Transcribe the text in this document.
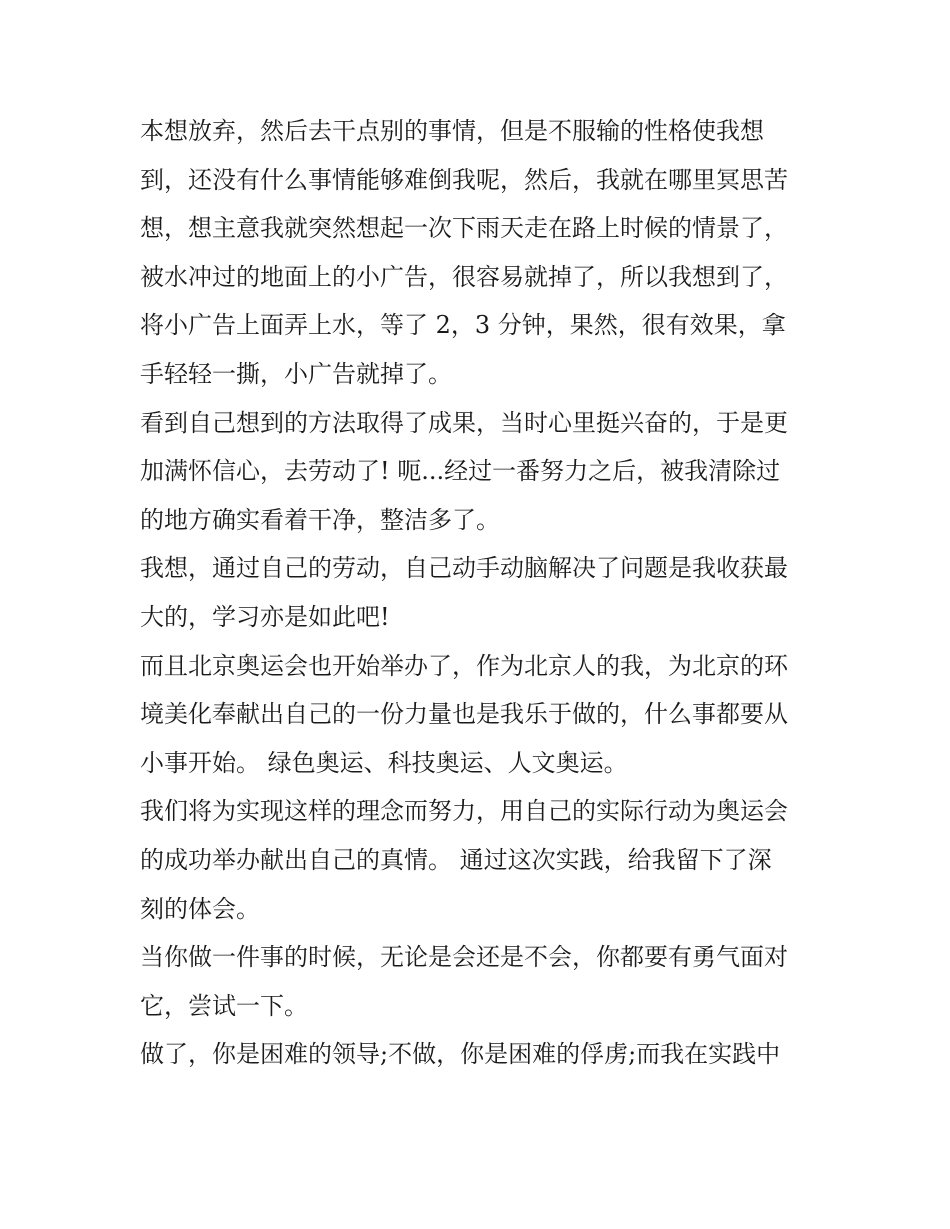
本想放弃，然后去干点别的事情，但是不服输的性格使我想
到，还没有什么事情能够难倒我呢，然后，我就在哪里冥思苦
想，想主意我就突然想起一次下雨天走在路上时候的情景了，
被水冲过的地面上的小广告，很容易就掉了，所以我想到了，
将小广告上面弄上水，等了 2，3 分钟，果然，很有效果，拿
手轻轻一撕，小广告就掉了。
看到自己想到的方法取得了成果，当时心里挺兴奋的，于是更
加满怀信心，去劳动了! 呃...经过一番努力之后，被我清除过
的地方确实看着干净，整洁多了。
我想，通过自己的劳动，自己动手动脑解决了问题是我收获最
大的，学习亦是如此吧!
而且北京奥运会也开始举办了，作为北京人的我，为北京的环
境美化奉献出自己的一份力量也是我乐于做的，什么事都要从
小事开始。 绿色奥运、科技奥运、人文奥运。
我们将为实现这样的理念而努力，用自己的实际行动为奥运会
的成功举办献出自己的真情。 通过这次实践，给我留下了深
刻的体会。
当你做一件事的时候，无论是会还是不会，你都要有勇气面对
它，尝试一下。
做了，你是困难的领导;不做，你是困难的俘虏;而我在实践中
